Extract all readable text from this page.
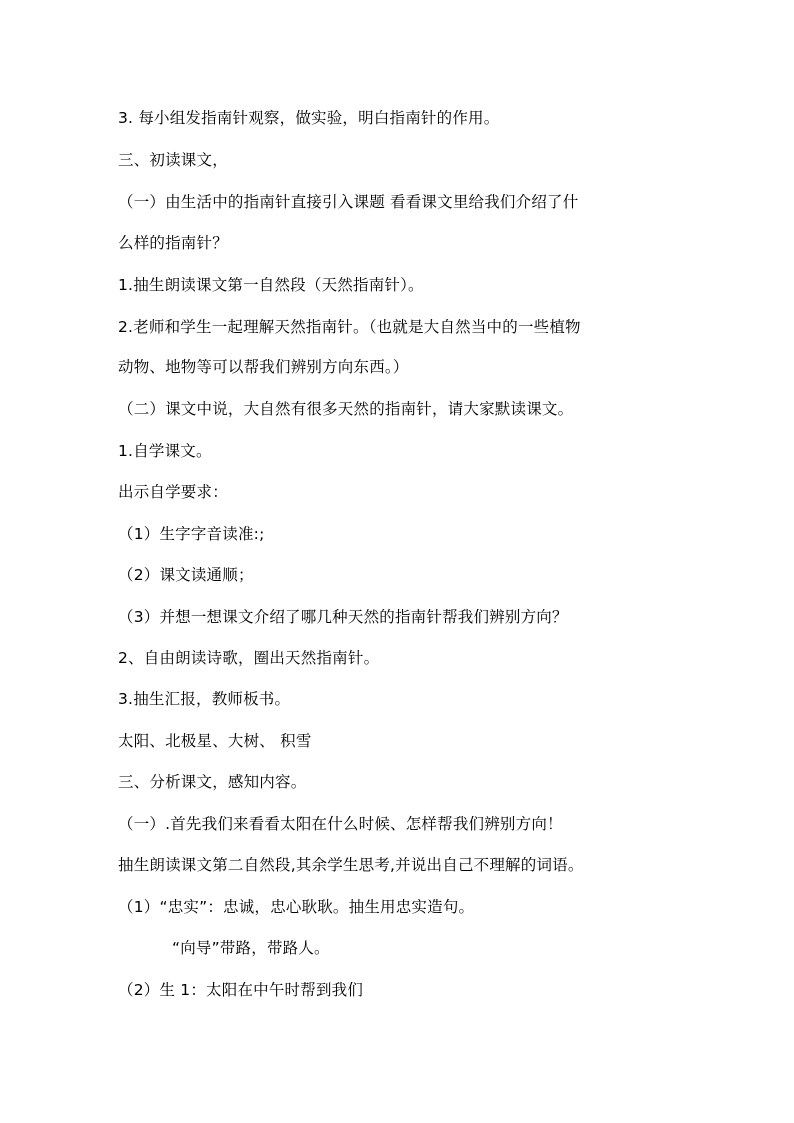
3. 每小组发指南针观察，做实验，明白指南针的作用。
三、初读课文，
（一）由生活中的指南针直接引入课题 看看课文里给我们介绍了什
么样的指南针？
1.抽生朗读课文第一自然段（天然指南针）。
2.老师和学生一起理解天然指南针。（也就是大自然当中的一些植物
动物、地物等可以帮我们辨别方向东西。）
（二）课文中说，大自然有很多天然的指南针，请大家默读课文。
1.自学课文。
出示自学要求：
（1）生字字音读准:;
（2）课文读通顺；
（3）并想一想课文介绍了哪几种天然的指南针帮我们辨别方向？
2、自由朗读诗歌，圈出天然指南针。
3.抽生汇报，教师板书。
太阳、北极星、大树、 积雪
三、分析课文，感知内容。
（一）.首先我们来看看太阳在什么时候、怎样帮我们辨别方向！
抽生朗读课文第二自然段,其余学生思考,并说出自己不理解的词语。
（1）“忠实”：忠诚，忠心耿耿。抽生用忠实造句。
“向导”带路，带路人。
（2）生 1：太阳在中午时帮到我们
